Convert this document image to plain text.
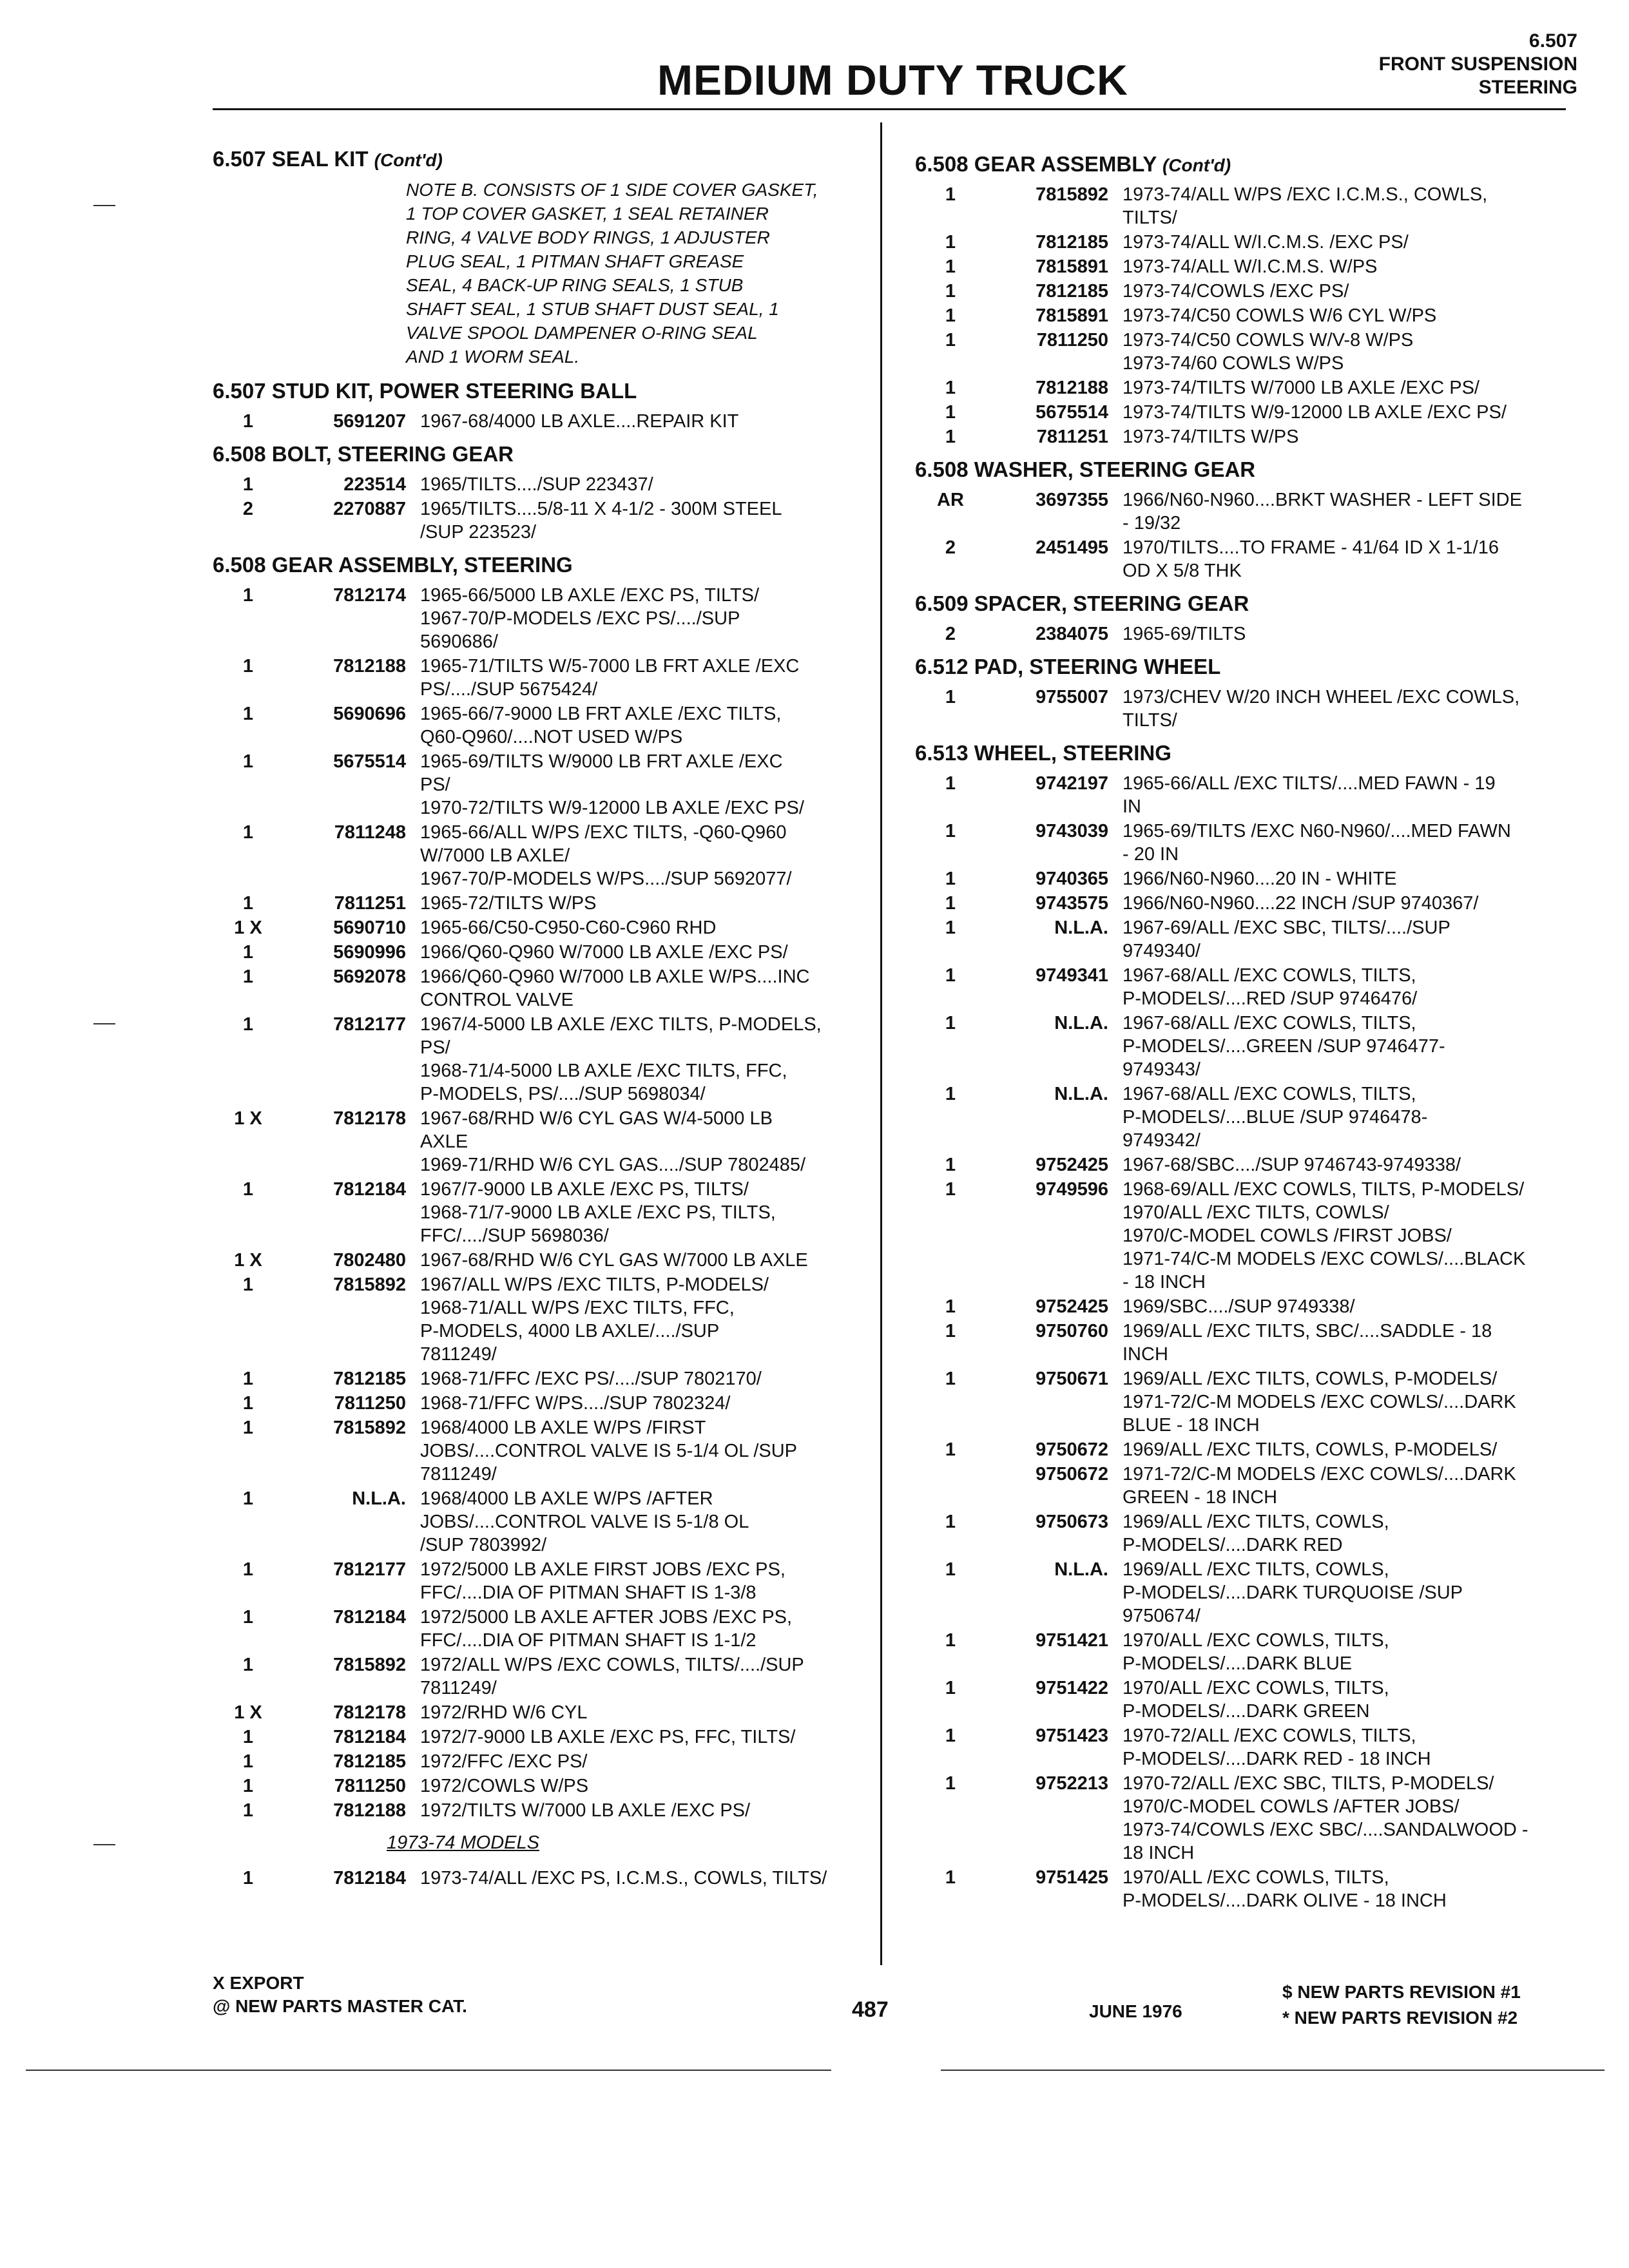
MEDIUM DUTY TRUCK
6.507
FRONT SUSPENSION
STEERING
6.507 SEAL KIT (Cont'd)
NOTE B. CONSISTS OF 1 SIDE COVER GASKET,
1 TOP COVER GASKET, 1 SEAL RETAINER
RING, 4 VALVE BODY RINGS, 1 ADJUSTER
PLUG SEAL, 1 PITMAN SHAFT GREASE
SEAL, 4 BACK-UP RING SEALS, 1 STUB
SHAFT SEAL, 1 STUB SHAFT DUST SEAL, 1
VALVE SPOOL DAMPENER O-RING SEAL
AND 1 WORM SEAL.
6.507 STUD KIT, POWER STEERING BALL
1	5691207 1967-68/4000 LB AXLE....REPAIR KIT
6.508 BOLT, STEERING GEAR
1	223514 1965/TILTS..../SUP 223437/
2	2270887 1965/TILTS....5/8-11 X 4-1/2 - 300M STEEL
/SUP 223523/
6.508 GEAR ASSEMBLY, STEERING
1	7812174 1965-66/5000 LB AXLE /EXC PS, TILTS/
1967-70/P-MODELS /EXC PS/..../SUP
5690686/
1	7812188 1965-71/TILTS W/5-7000 LB FRT AXLE /EXC
PS/..../SUP 5675424/
1	5690696 1965-66/7-9000 LB FRT AXLE /EXC TILTS,
Q60-Q960/....NOT USED W/PS
1	5675514 1965-69/TILTS W/9000 LB FRT AXLE /EXC
PS/
1970-72/TILTS W/9-12000 LB AXLE /EXC PS/
1	7811248 1965-66/ALL W/PS /EXC TILTS, -Q60-Q960
W/7000 LB AXLE/
1967-70/P-MODELS W/PS..../SUP 5692077/
1	7811251 1965-72/TILTS W/PS
1 X	5690710 1965-66/C50-C950-C60-C960 RHD
1	5690996 1966/Q60-Q960 W/7000 LB AXLE /EXC PS/
1	5692078 1966/Q60-Q960 W/7000 LB AXLE W/PS....INC
CONTROL VALVE
1	7812177 1967/4-5000 LB AXLE /EXC TILTS, P-MODELS,
PS/
1968-71/4-5000 LB AXLE /EXC TILTS, FFC,
P-MODELS, PS/..../SUP 5698034/
1 X	7812178 1967-68/RHD W/6 CYL GAS W/4-5000 LB
AXLE
1969-71/RHD W/6 CYL GAS..../SUP 7802485/
1	7812184 1967/7-9000 LB AXLE /EXC PS, TILTS/
1968-71/7-9000 LB AXLE /EXC PS, TILTS,
FFC/..../SUP 5698036/
1 X	7802480 1967-68/RHD W/6 CYL GAS W/7000 LB AXLE
1	7815892 1967/ALL W/PS /EXC TILTS, P-MODELS/
1968-71/ALL W/PS /EXC TILTS, FFC,
P-MODELS, 4000 LB AXLE/..../SUP
7811249/
1	7812185 1968-71/FFC /EXC PS/..../SUP 7802170/
1	7811250 1968-71/FFC W/PS..../SUP 7802324/
1	7815892 1968/4000 LB AXLE W/PS /FIRST
JOBS/....CONTROL VALVE IS 5-1/4 OL /SUP
7811249/
1	N.L.A. 1968/4000 LB AXLE W/PS /AFTER
JOBS/....CONTROL VALVE IS 5-1/8 OL
/SUP 7803992/
1	7812177 1972/5000 LB AXLE FIRST JOBS /EXC PS,
FFC/....DIA OF PITMAN SHAFT IS 1-3/8
1	7812184 1972/5000 LB AXLE AFTER JOBS /EXC PS,
FFC/....DIA OF PITMAN SHAFT IS 1-1/2
1	7815892 1972/ALL W/PS /EXC COWLS, TILTS/..../SUP
7811249/
1 X	7812178 1972/RHD W/6 CYL
1	7812184 1972/7-9000 LB AXLE /EXC PS, FFC, TILTS/
1	7812185 1972/FFC /EXC PS/
1	7811250 1972/COWLS W/PS
1	7812188 1972/TILTS W/7000 LB AXLE /EXC PS/
1973-74 MODELS
1	7812184 1973-74/ALL /EXC PS, I.C.M.S., COWLS, TILTS/
6.508 GEAR ASSEMBLY (Cont'd)
1	7815892 1973-74/ALL W/PS /EXC I.C.M.S., COWLS,
TILTS/
1	7812185 1973-74/ALL W/I.C.M.S. /EXC PS/
1	7815891 1973-74/ALL W/I.C.M.S. W/PS
1	7812185 1973-74/COWLS /EXC PS/
1	7815891 1973-74/C50 COWLS W/6 CYL W/PS
1	7811250 1973-74/C50 COWLS W/V-8 W/PS
1973-74/60 COWLS W/PS
1	7812188 1973-74/TILTS W/7000 LB AXLE /EXC PS/
1	5675514 1973-74/TILTS W/9-12000 LB AXLE /EXC PS/
1	7811251 1973-74/TILTS W/PS
6.508 WASHER, STEERING GEAR
AR	3697355 1966/N60-N960....BRKT WASHER - LEFT SIDE
- 19/32
2	2451495 1970/TILTS....TO FRAME - 41/64 ID X 1-1/16
OD X 5/8 THK
6.509 SPACER, STEERING GEAR
2	2384075 1965-69/TILTS
6.512 PAD, STEERING WHEEL
1	9755007 1973/CHEV W/20 INCH WHEEL /EXC COWLS,
TILTS/
6.513 WHEEL, STEERING
1	9742197 1965-66/ALL /EXC TILTS/....MED FAWN - 19
IN
1	9743039 1965-69/TILTS /EXC N60-N960/....MED FAWN
- 20 IN
1	9740365 1966/N60-N960....20 IN - WHITE
1	9743575 1966/N60-N960....22 INCH /SUP 9740367/
1	N.L.A. 1967-69/ALL /EXC SBC, TILTS/..../SUP
9749340/
1	9749341 1967-68/ALL /EXC COWLS, TILTS,
P-MODELS/....RED /SUP 9746476/
1	N.L.A. 1967-68/ALL /EXC COWLS, TILTS,
P-MODELS/....GREEN /SUP 9746477-
9749343/
1	N.L.A. 1967-68/ALL /EXC COWLS, TILTS,
P-MODELS/....BLUE /SUP 9746478-
9749342/
1	9752425 1967-68/SBC..../SUP 9746743-9749338/
1	9749596 1968-69/ALL /EXC COWLS, TILTS, P-MODELS/
1970/ALL /EXC TILTS, COWLS/
1970/C-MODEL COWLS /FIRST JOBS/
1971-74/C-M MODELS /EXC COWLS/....BLACK
- 18 INCH
1	9752425 1969/SBC..../SUP 9749338/
1	9750760 1969/ALL /EXC TILTS, SBC/....SADDLE - 18
INCH
1	9750671 1969/ALL /EXC TILTS, COWLS, P-MODELS/
1971-72/C-M MODELS /EXC COWLS/....DARK
BLUE - 18 INCH
1	9750672 1969/ALL /EXC TILTS, COWLS, P-MODELS/
9750672 1971-72/C-M MODELS /EXC COWLS/....DARK
GREEN - 18 INCH
1	9750673 1969/ALL /EXC TILTS, COWLS,
P-MODELS/....DARK RED
1	N.L.A. 1969/ALL /EXC TILTS, COWLS,
P-MODELS/....DARK TURQUOISE /SUP
9750674/
1	9751421 1970/ALL /EXC COWLS, TILTS,
P-MODELS/....DARK BLUE
1	9751422 1970/ALL /EXC COWLS, TILTS,
P-MODELS/....DARK GREEN
1	9751423 1970-72/ALL /EXC COWLS, TILTS,
P-MODELS/....DARK RED - 18 INCH
1	9752213 1970-72/ALL /EXC SBC, TILTS, P-MODELS/
1970/C-MODEL COWLS /AFTER JOBS/
1973-74/COWLS /EXC SBC/....SANDALWOOD -
18 INCH
1	9751425 1970/ALL /EXC COWLS, TILTS,
P-MODELS/....DARK OLIVE - 18 INCH
X EXPORT
@ NEW PARTS MASTER CAT.	487	JUNE 1976
$ NEW PARTS REVISION #1
* NEW PARTS REVISION #2
